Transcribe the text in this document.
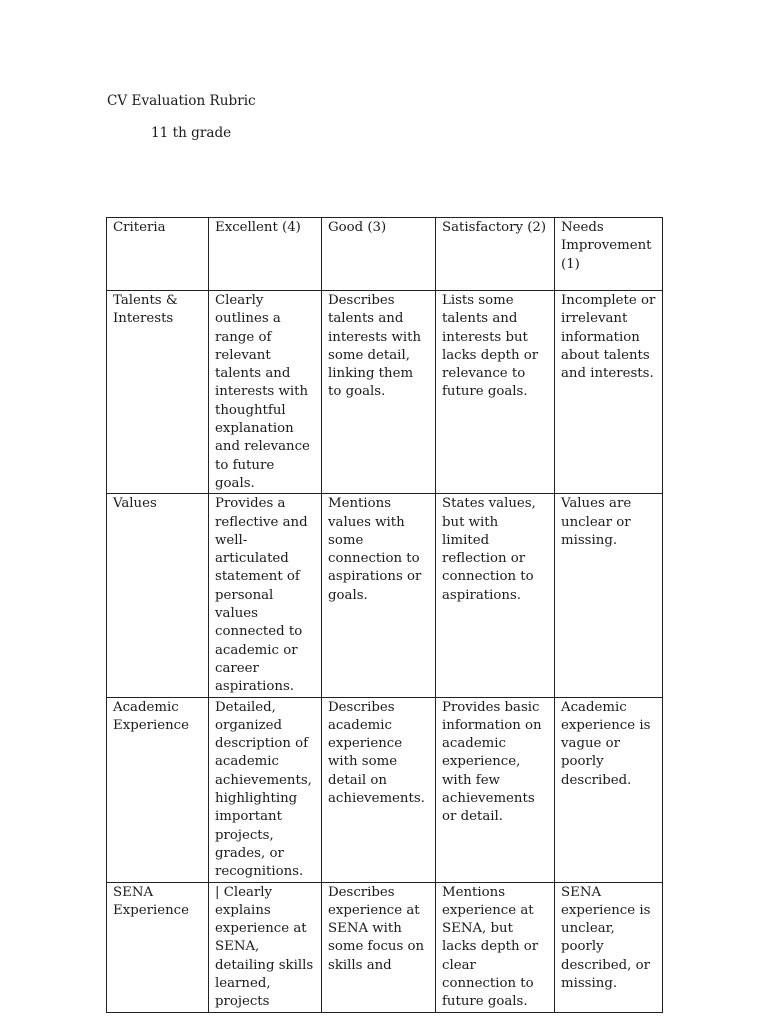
CV Evaluation Rubric
11 th grade
Criteria	Excellent (4)	Good (3)	Satisfactory (2)	Needs Improvement (1)
Talents & Interests	Clearly outlines a range of relevant talents and interests with thoughtful explanation and relevance to future goals.	Describes talents and interests with some detail, linking them to goals.	Lists some talents and interests but lacks depth or relevance to future goals.	Incomplete or irrelevant information about talents and interests.
Values	Provides a reflective and well-articulated statement of personal values connected to academic or career aspirations.	Mentions values with some connection to aspirations or goals.	States values, but with limited reflection or connection to aspirations.	Values are unclear or missing.
Academic Experience	Detailed, organized description of academic achievements, highlighting important projects, grades, or recognitions.	Describes academic experience with some detail on achievements.	Provides basic information on academic experience, with few achievements or detail.	Academic experience is vague or poorly described.
SENA Experience	| Clearly explains experience at SENA, detailing skills learned, projects	Describes experience at SENA with some focus on skills and	Mentions experience at SENA, but lacks depth or clear connection to future goals.	SENA experience is unclear, poorly described, or missing.
